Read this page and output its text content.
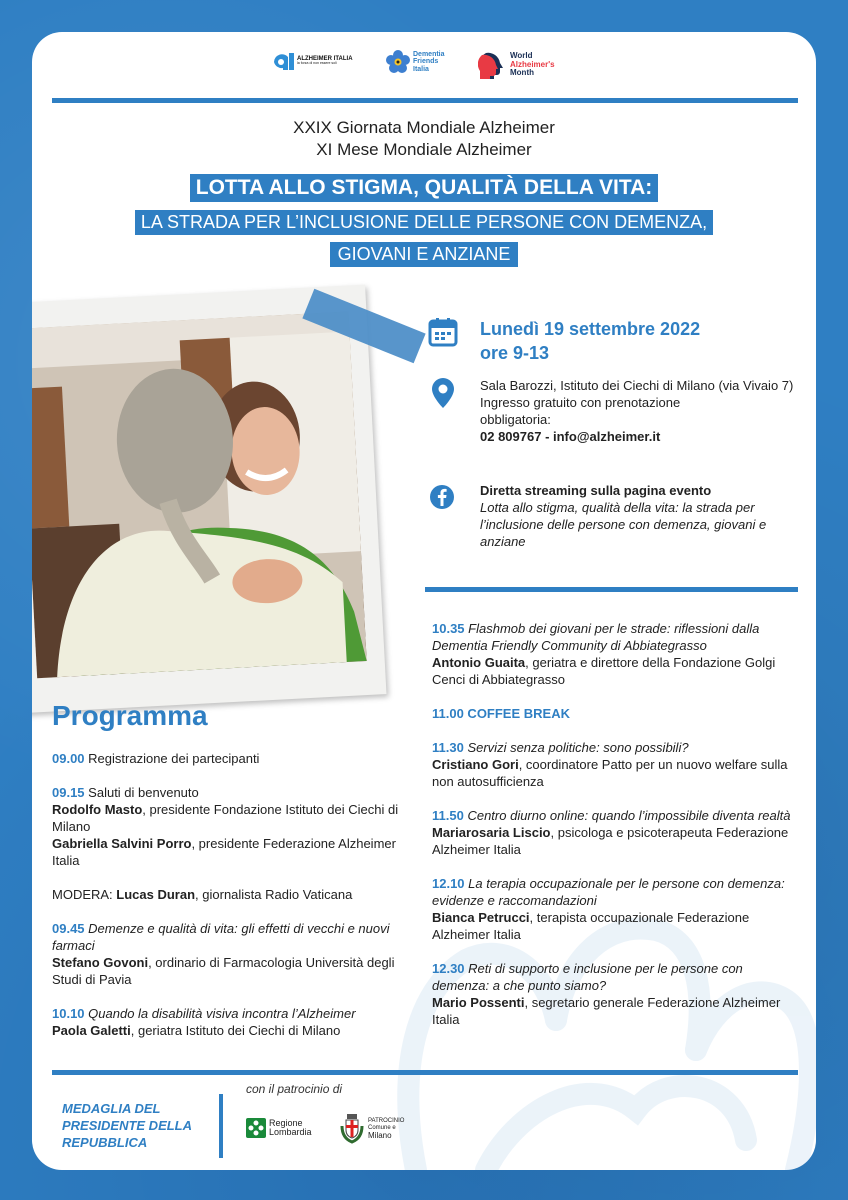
ALZHEIMER ITALIA
la forza di non essere soli
Dementia
Friends
Italia
World
Alzheimer's
Month
XXIX Giornata Mondiale Alzheimer
XI Mese Mondiale Alzheimer
LOTTA ALLO STIGMA, QUALITÀ DELLA VITA:
LA STRADA PER L’INCLUSIONE DELLE PERSONE CON DEMENZA,
GIOVANI E ANZIANE
Lunedì 19 settembre 2022
ore 9-13
Sala Barozzi, Istituto dei Ciechi di Milano (via Vivaio 7)
Ingresso gratuito con prenotazione obbligatoria:
02 809767 - info@alzheimer.it
Diretta streaming sulla pagina evento
Lotta allo stigma, qualità della vita: la strada per l’inclusione delle persone con demenza, giovani e anziane
Programma
09.00 Registrazione dei partecipanti
09.15 Saluti di benvenuto
Rodolfo Masto, presidente Fondazione Istituto dei Ciechi di Milano
Gabriella Salvini Porro, presidente Federazione Alzheimer Italia
MODERA: Lucas Duran, giornalista Radio Vaticana
09.45 Demenze e qualità di vita: gli effetti di vecchi e nuovi farmaci
Stefano Govoni, ordinario di Farmacologia Università degli Studi di Pavia
10.10 Quando la disabilità visiva incontra l’Alzheimer
Paola Galetti, geriatra Istituto dei Ciechi di Milano
10.35 Flashmob dei giovani per le strade: riflessioni dalla Dementia Friendly Community di Abbiategrasso
Antonio Guaita, geriatra e direttore della Fondazione Golgi Cenci di Abbiategrasso
11.00 COFFEE BREAK
11.30 Servizi senza politiche: sono possibili?
Cristiano Gori, coordinatore Patto per un nuovo welfare sulla non autosufficienza
11.50 Centro diurno online: quando l’impossibile diventa realtà
Mariarosaria Liscio, psicologa e psicoterapeuta Federazione Alzheimer Italia
12.10 La terapia occupazionale per le persone con demenza: evidenze e raccomandazioni
Bianca Petrucci, terapista occupazionale Federazione Alzheimer Italia
12.30 Reti di supporto e inclusione per le persone con demenza: a che punto siamo?
Mario Possenti, segretario generale Federazione Alzheimer Italia
MEDAGLIA DEL
PRESIDENTE DELLA
REPUBBLICA
con il patrocinio di
Regione
Lombardia
PATROCINIO
Comune e
Milano
